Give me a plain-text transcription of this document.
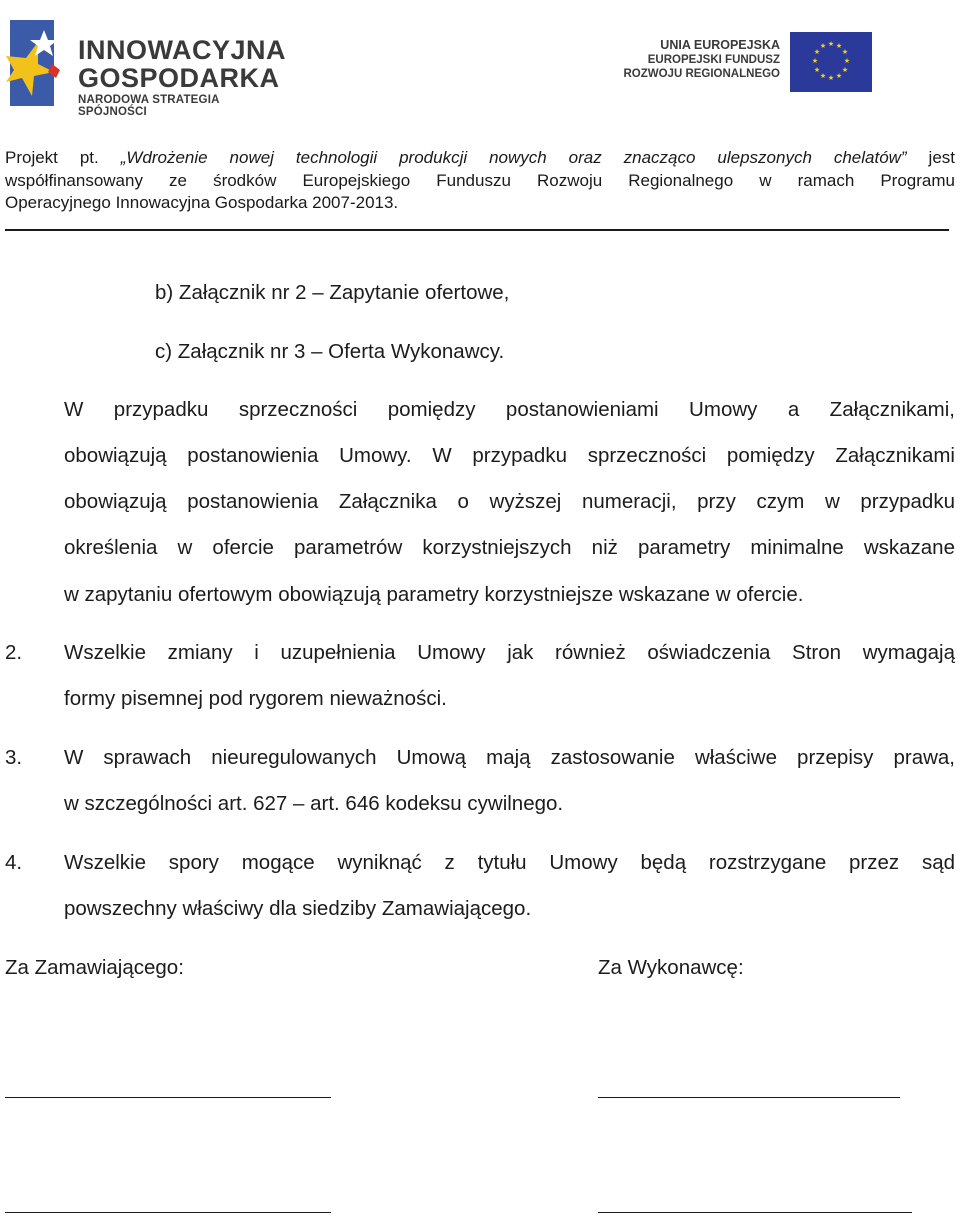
INNOWACYJNA
GOSPODARKA
NARODOWA STRATEGIA SPÓJNOŚCI
UNIA EUROPEJSKA
EUROPEJSKI FUNDUSZ
ROZWOJU REGIONALNEGO
★ ★
★
★
★
★
★
★
★
★
★
★
Projekt pt. „Wdrożenie nowej technologii produkcji nowych oraz znacząco ulepszonych chelatów” jest
współfinansowany ze środków Europejskiego Funduszu Rozwoju Regionalnego w ramach Programu
Operacyjnego Innowacyjna Gospodarka 2007-2013.
b) Załącznik nr 2 – Zapytanie ofertowe,
c) Załącznik nr 3 – Oferta Wykonawcy.
W przypadku sprzeczności pomiędzy postanowieniami Umowy a Załącznikami,
obowiązują postanowienia Umowy. W przypadku sprzeczności pomiędzy Załącznikami
obowiązują postanowienia Załącznika o wyższej numeracji, przy czym w przypadku
określenia w ofercie parametrów korzystniejszych niż parametry minimalne wskazane
w zapytaniu ofertowym obowiązują parametry korzystniejsze wskazane w ofercie.
2. Wszelkie zmiany i uzupełnienia Umowy jak również oświadczenia Stron wymagają
formy pisemnej pod rygorem nieważności.
3. W sprawach nieuregulowanych Umową mają zastosowanie właściwe przepisy prawa,
w szczególności art. 627 – art. 646 kodeksu cywilnego.
4. Wszelkie spory mogące wyniknąć z tytułu Umowy będą rozstrzygane przez sąd
powszechny właściwy dla siedziby Zamawiającego.
Za Zamawiającego:	Za Wykonawcę:
